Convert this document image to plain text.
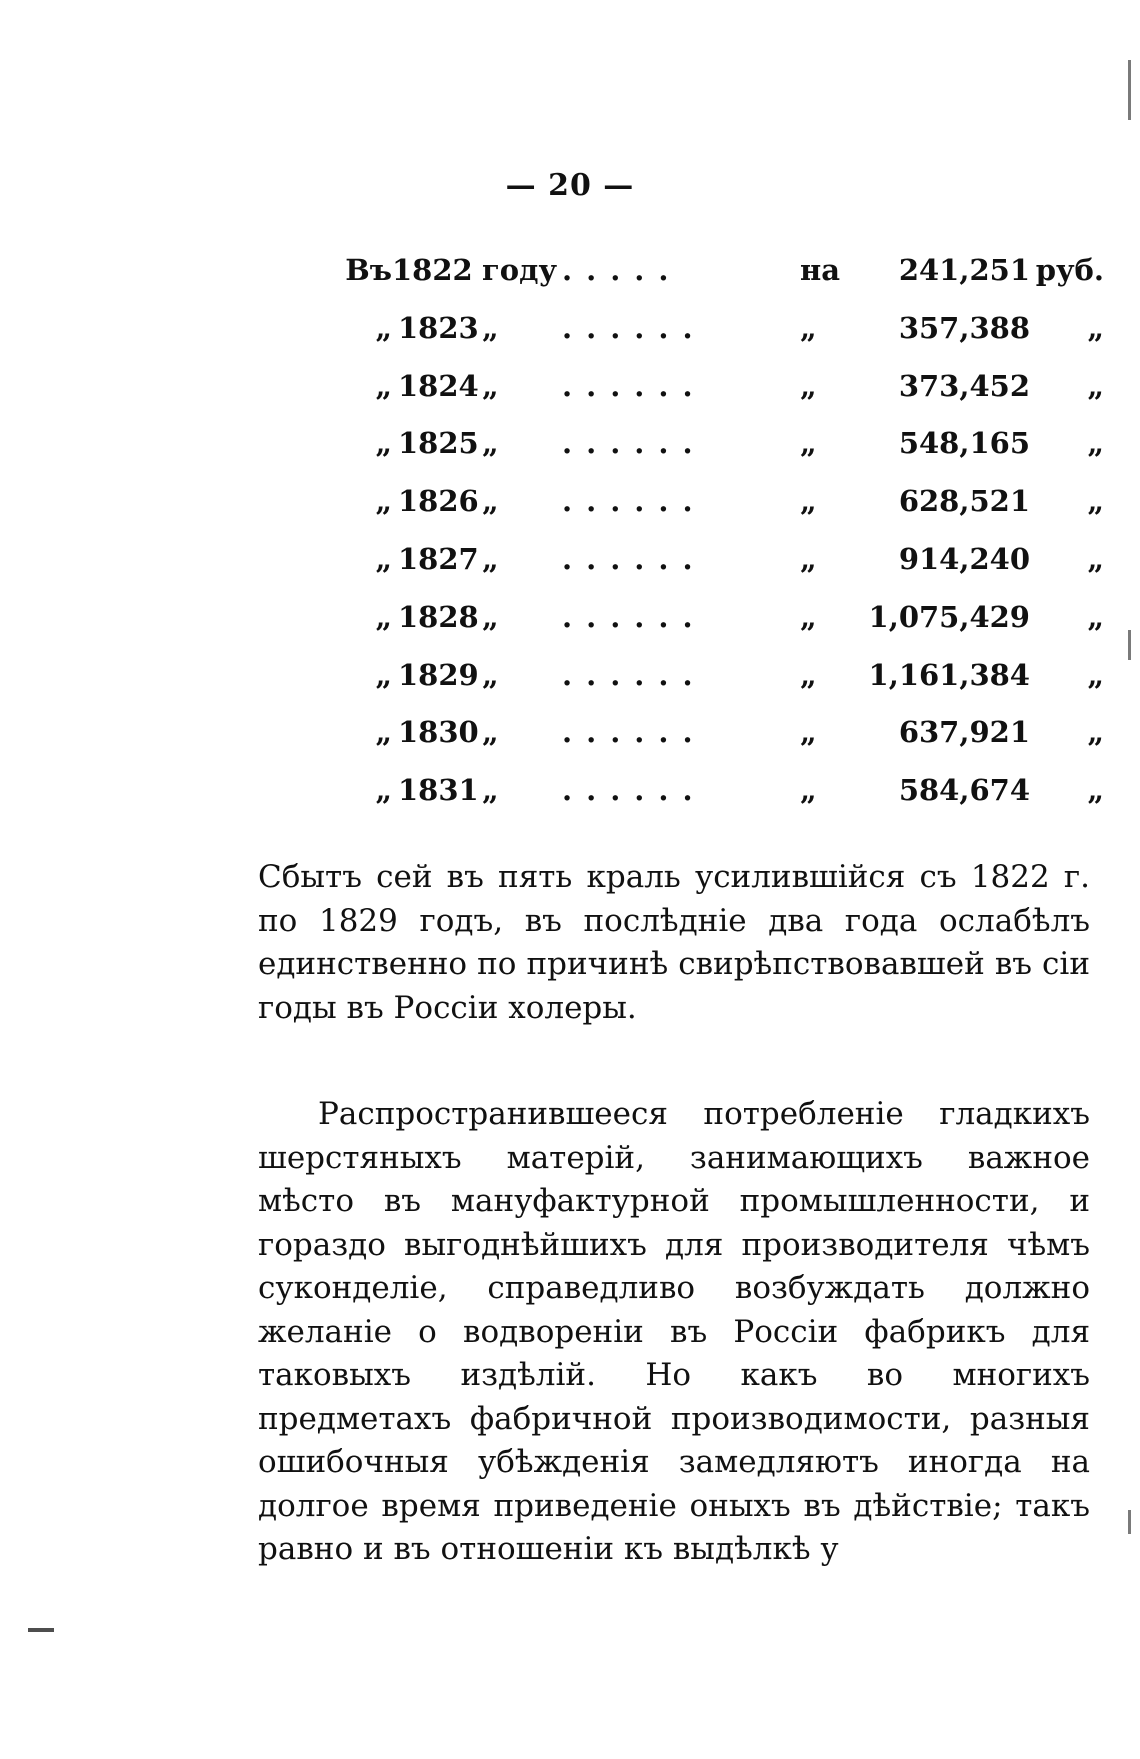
— 20 —
Въ 1822 году .....	на	241,251 руб.
„ 1823 „ ......	„	357,388	„
„ 1824 „ ......	„	373,452	„
„ 1825 „ ......	„	548,165	„
„ 1826 „ ......	„	628,521	„
„ 1827 „ ......	„	914,240	„
„ 1828 „ ......	„	1,075,429	„
„ 1829 „ ......	„	1,161,384	„
„ 1830 „ ......	„	637,921	„
„ 1831 „ ......	„	584,674	„

Сбытъ сей въ пять краль усилившійся съ 1822 г. по 1829 годъ, въ послѣдніе два года ослабѣлъ единственно по причинѣ свирѣпствовавшей въ сіи годы въ Россіи холеры.

Распространившееся потребленіе гладкихъ шерстяныхъ матерій, занимающихъ важное мѣсто въ мануфактурной промышленности, и гораздо выгоднѣйшихъ для производителя чѣмъ суконделіе, справедливо возбуждать должно желаніе о водвореніи въ Россіи фабрикъ для таковыхъ издѣлій. Но какъ во многихъ предметахъ фабричной производимости, разныя ошибочныя убѣжденія замедляютъ иногда на долгое время приведеніе оныхъ въ дѣйствіе; такъ равно и въ отношеніи къ выдѣлкѣ у
